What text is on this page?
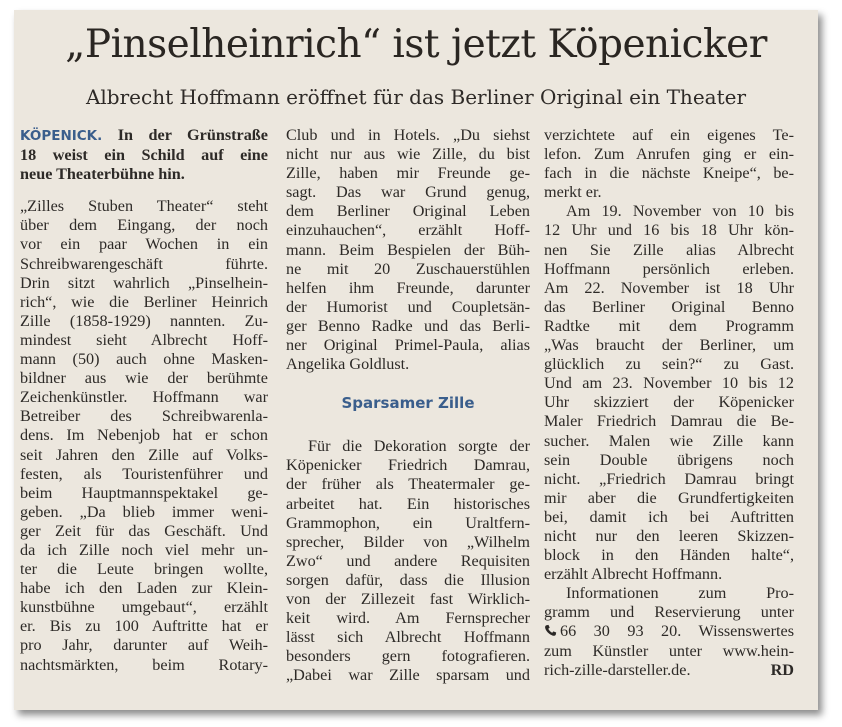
„Pinselheinrich“ ist jetzt Köpenicker
Albrecht Hoffmann eröffnet für das Berliner Original ein Theater
KÖPENICK. In der Grünstraße
18 weist ein Schild auf eine
neue Theaterbühne hin.
„Zilles Stuben Theater“ steht
über dem Eingang, der noch
vor ein paar Wochen in ein
Schreibwarengeschäft führte.
Drin sitzt wahrlich „Pinselhein-
rich“, wie die Berliner Heinrich
Zille (1858-1929) nannten. Zu-
mindest sieht Albrecht Hoff-
mann (50) auch ohne Masken-
bildner aus wie der berühmte
Zeichenkünstler. Hoffmann war
Betreiber des Schreibwarenla-
dens. Im Nebenjob hat er schon
seit Jahren den Zille auf Volks-
festen, als Touristenführer und
beim Hauptmannspektakel ge-
geben. „Da blieb immer weni-
ger Zeit für das Geschäft. Und
da ich Zille noch viel mehr un-
ter die Leute bringen wollte,
habe ich den Laden zur Klein-
kunstbühne umgebaut“, erzählt
er. Bis zu 100 Auftritte hat er
pro Jahr, darunter auf Weih-
nachtsmärkten, beim Rotary-
Club und in Hotels. „Du siehst
nicht nur aus wie Zille, du bist
Zille, haben mir Freunde ge-
sagt. Das war Grund genug,
dem Berliner Original Leben
einzuhauchen“, erzählt Hoff-
mann. Beim Bespielen der Büh-
ne mit 20 Zuschauerstühlen
helfen ihm Freunde, darunter
der Humorist und Coupletsän-
ger Benno Radke und das Berli-
ner Original Primel-Paula, alias
Angelika Goldlust.
Sparsamer Zille
Für die Dekoration sorgte der
Köpenicker Friedrich Damrau,
der früher als Theatermaler ge-
arbeitet hat. Ein historisches
Grammophon, ein Uraltfern-
sprecher, Bilder von „Wilhelm
Zwo“ und andere Requisiten
sorgen dafür, dass die Illusion
von der Zillezeit fast Wirklich-
keit wird. Am Fernsprecher
lässt sich Albrecht Hoffmann
besonders gern fotografieren.
„Dabei war Zille sparsam und
verzichtete auf ein eigenes Te-
lefon. Zum Anrufen ging er ein-
fach in die nächste Kneipe“, be-
merkt er.
Am 19. November von 10 bis
12 Uhr und 16 bis 18 Uhr kön-
nen Sie Zille alias Albrecht
Hoffmann persönlich erleben.
Am 22. November ist 18 Uhr
das Berliner Original Benno
Radtke mit dem Programm
„Was braucht der Berliner, um
glücklich zu sein?“ zu Gast.
Und am 23. November 10 bis 12
Uhr skizziert der Köpenicker
Maler Friedrich Damrau die Be-
sucher. Malen wie Zille kann
sein Double übrigens noch
nicht. „Friedrich Damrau bringt
mir aber die Grundfertigkeiten
bei, damit ich bei Auftritten
nicht nur den leeren Skizzen-
block in den Händen halte“,
erzählt Albrecht Hoffmann.
Informationen zum Pro-
gramm und Reservierung unter
66 30 93 20. Wissenswertes
zum Künstler unter www.hein-
rich-zille-darsteller.de.	RD
